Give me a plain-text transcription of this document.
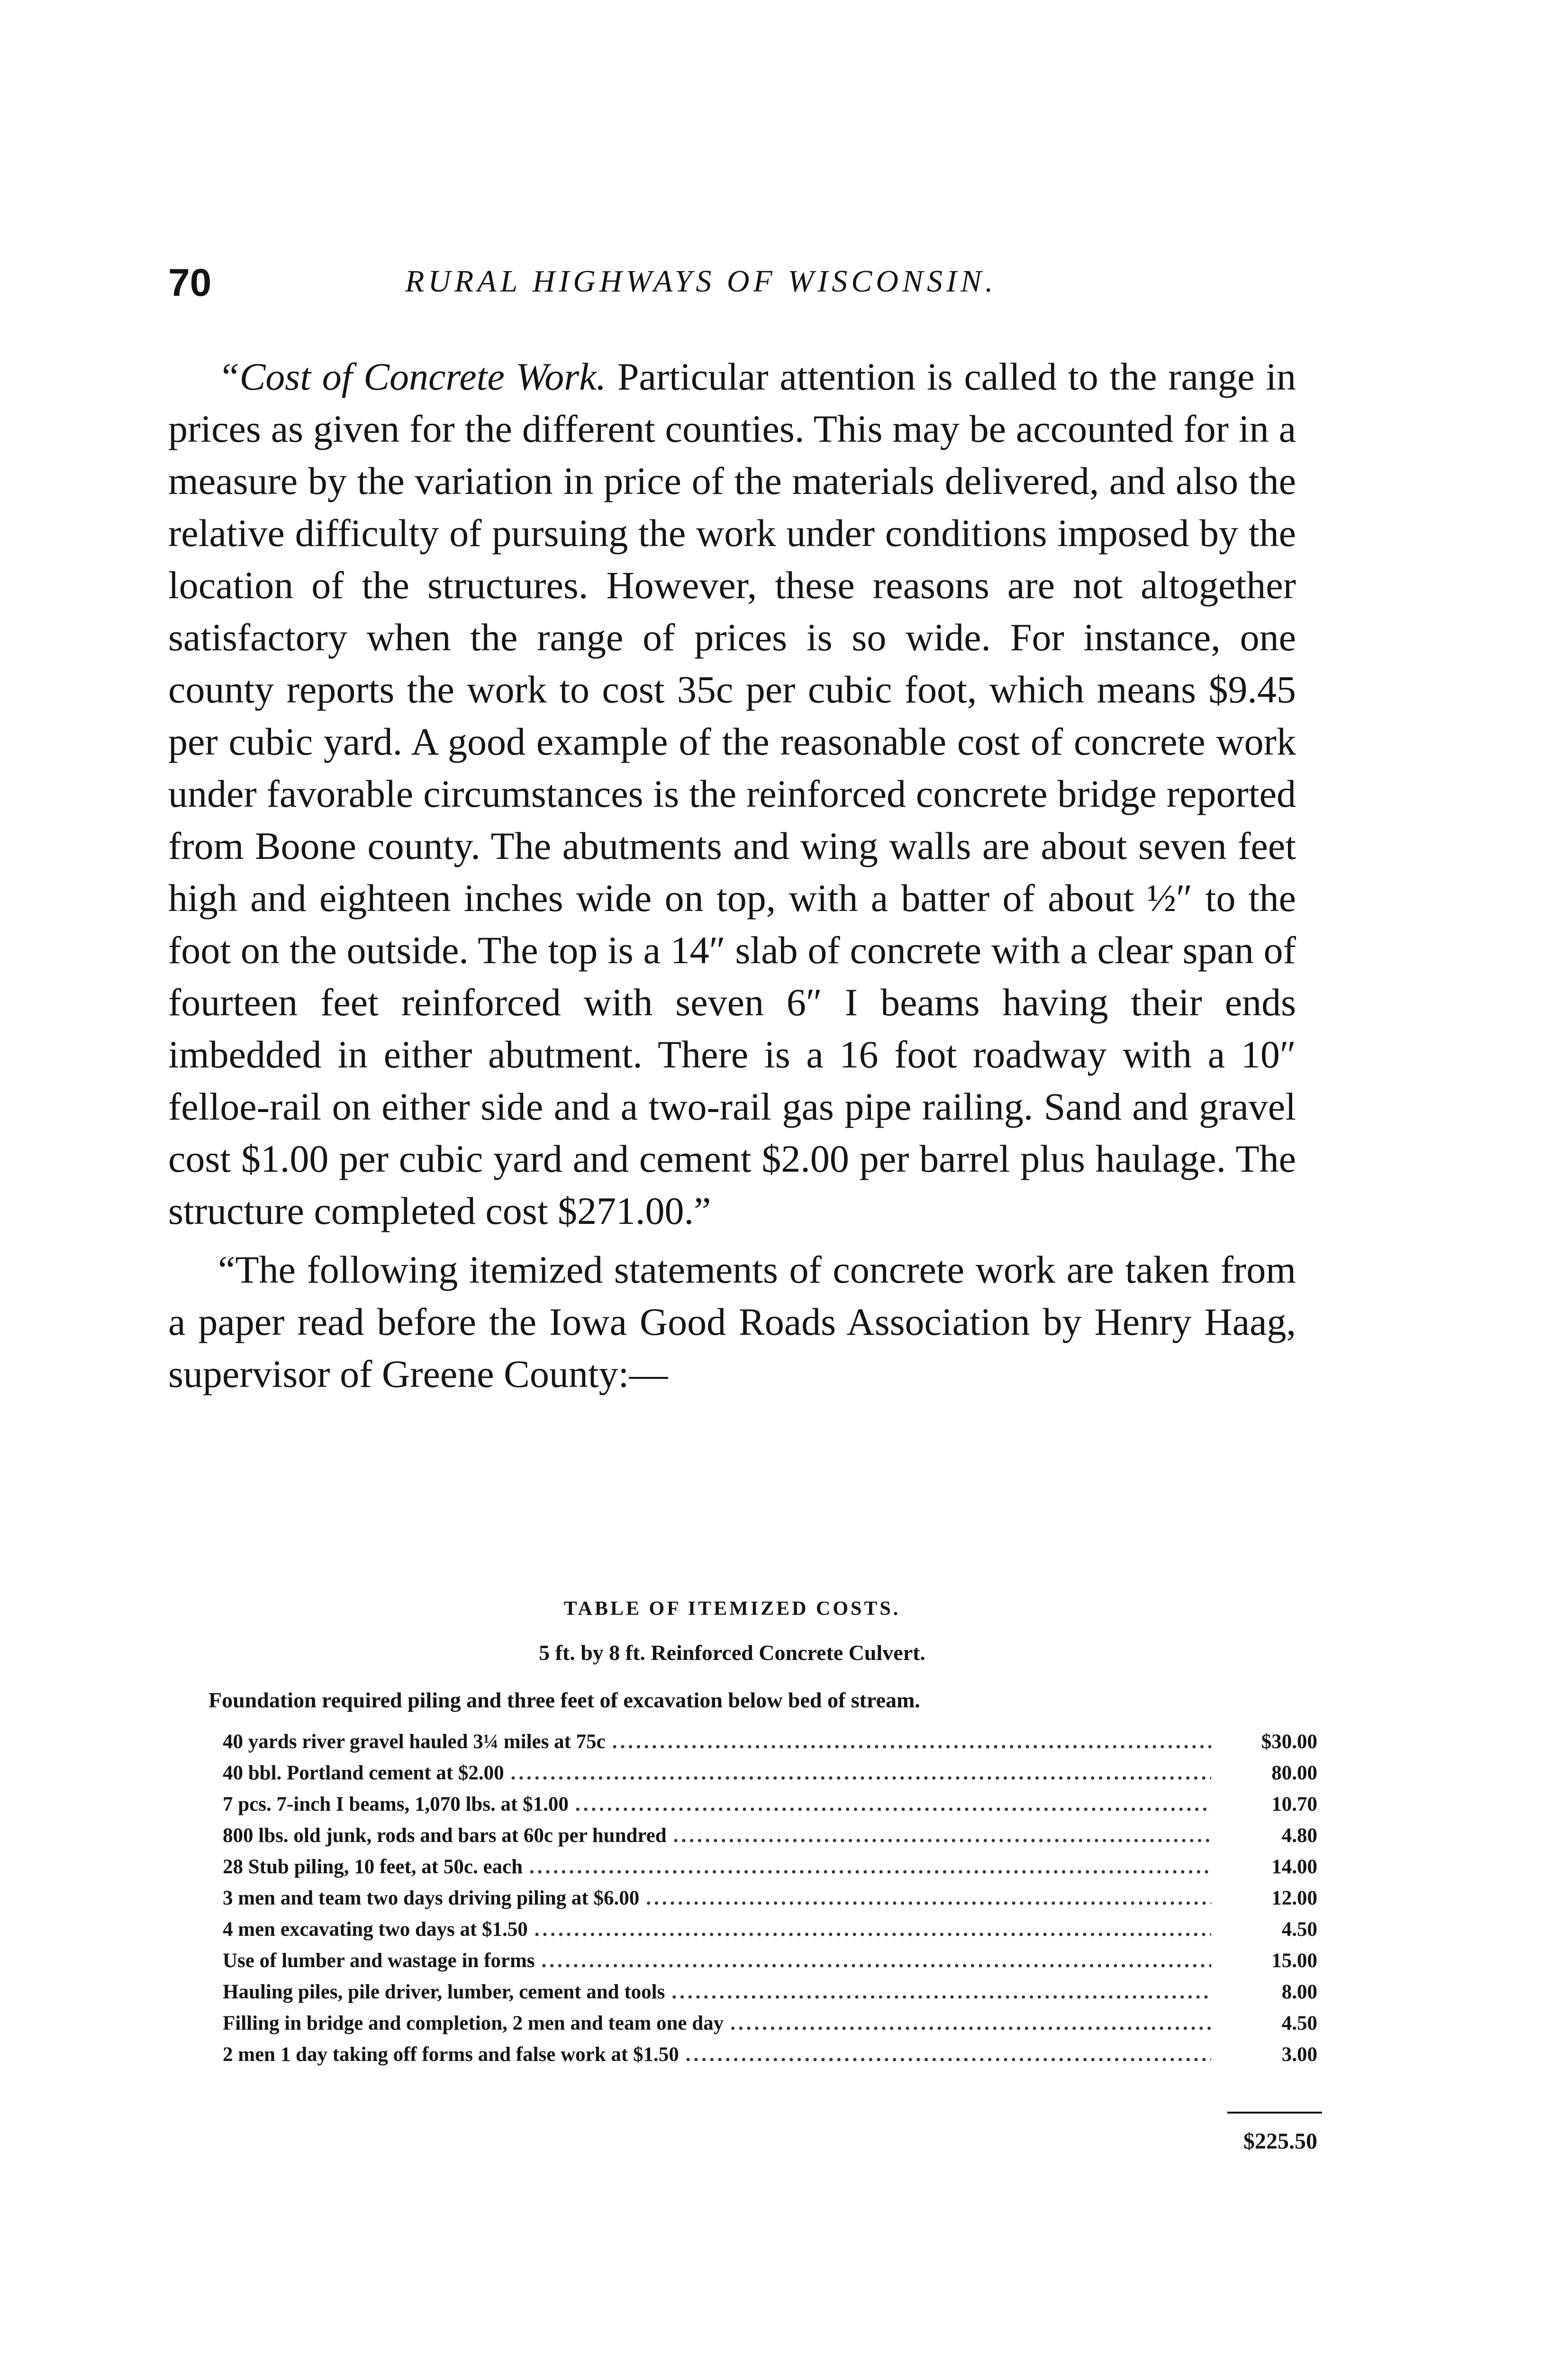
70	RURAL HIGHWAYS OF WISCONSIN.

“Cost of Concrete Work. Particular attention is called to the range in prices as given for the different counties. This may be accounted for in a measure by the variation in price of the materials delivered, and also the relative difficulty of pursuing the work under conditions imposed by the location of the structures. However, these reasons are not altogether satisfactory when the range of prices is so wide. For instance, one county reports the work to cost 35c per cubic foot, which means $9.45 per cubic yard. A good example of the reasonable cost of concrete work under favorable circumstances is the reinforced concrete bridge reported from Boone county. The abutments and wing walls are about seven feet high and eighteen inches wide on top, with a batter of about ½″ to the foot on the outside. The top is a 14″ slab of concrete with a clear span of fourteen feet reinforced with seven 6″ I beams having their ends imbedded in either abutment. There is a 16 foot roadway with a 10″ felloe-rail on either side and a two-rail gas pipe railing. Sand and gravel cost $1.00 per cubic yard and cement $2.00 per barrel plus haulage. The structure completed cost $271.00.”

“The following itemized statements of concrete work are taken from a paper read before the Iowa Good Roads Association by Henry Haag, supervisor of Greene County:—

TABLE OF ITEMIZED COSTS.
5 ft. by 8 ft. Reinforced Concrete Culvert.
Foundation required piling and three feet of excavation below bed of stream.
40 yards river gravel hauled 3¼ miles at 75c .....	$30.00
40 bbl. Portland cement at $2.00 .....	80.00
7 pcs. 7-inch I beams, 1,070 lbs. at $1.00 .....	10.70
800 lbs. old junk, rods and bars at 60c per hundred .....	4.80
28 Stub piling, 10 feet, at 50c. each .....	14.00
3 men and team two days driving piling at $6.00 .....	12.00
4 men excavating two days at $1.50 .....	4.50
Use of lumber and wastage in forms .....	15.00
Hauling piles, pile driver, lumber, cement and tools .....	8.00
Filling in bridge and completion, 2 men and team one day .....	4.50
2 men 1 day taking off forms and false work at $1.50 .....	3.00
$225.50
